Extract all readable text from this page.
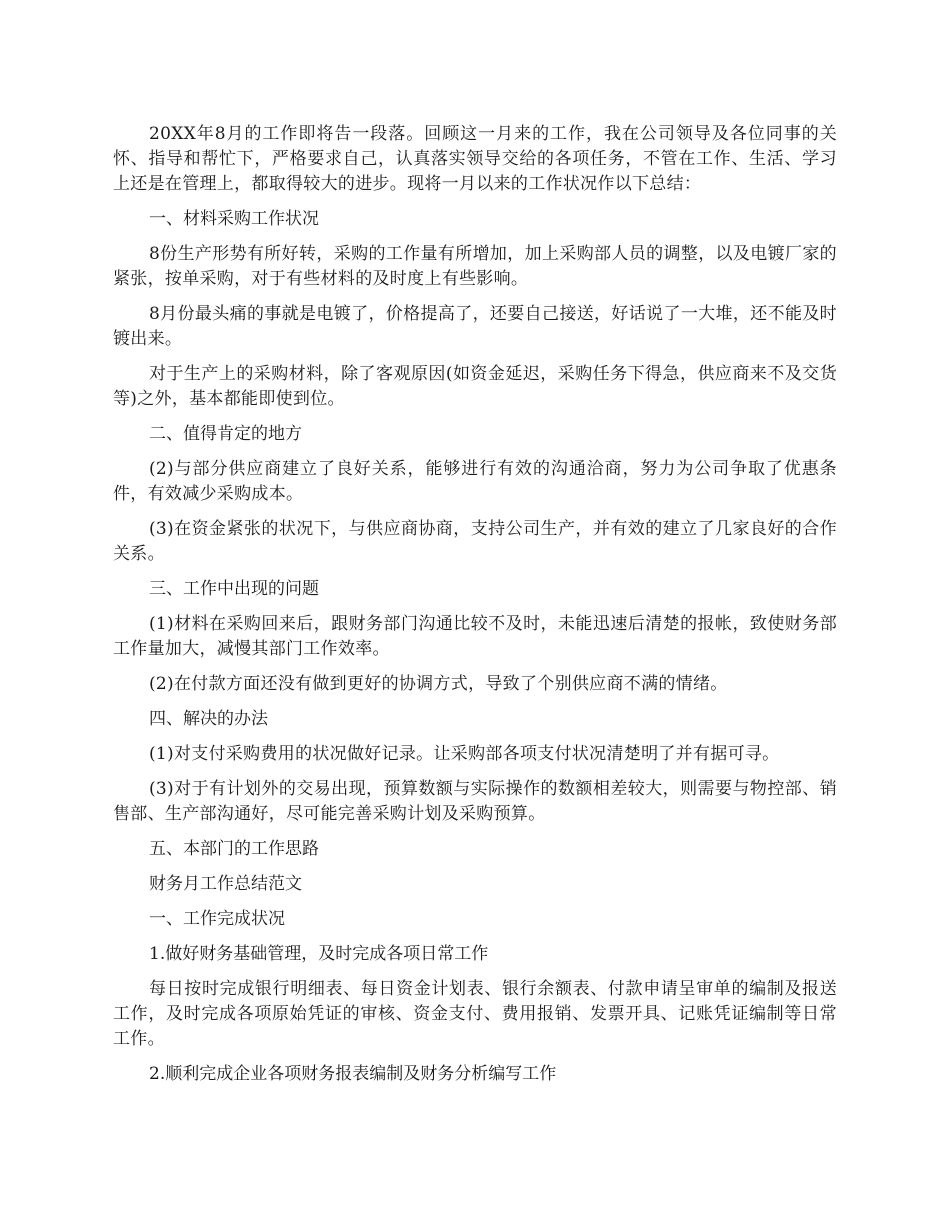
20XX年8月的工作即将告一段落。回顾这一月来的工作，我在公司领导及各位同事的关怀、指导和帮忙下，严格要求自己，认真落实领导交给的各项任务，不管在工作、生活、学习上还是在管理上，都取得较大的进步。现将一月以来的工作状况作以下总结：

一、材料采购工作状况

8份生产形势有所好转，采购的工作量有所增加，加上采购部人员的调整，以及电镀厂家的紧张，按单采购，对于有些材料的及时度上有些影响。

8月份最头痛的事就是电镀了，价格提高了，还要自己接送，好话说了一大堆，还不能及时镀出来。

对于生产上的采购材料，除了客观原因(如资金延迟，采购任务下得急，供应商来不及交货等)之外，基本都能即使到位。

二、值得肯定的地方

(2)与部分供应商建立了良好关系，能够进行有效的沟通洽商，努力为公司争取了优惠条件，有效减少采购成本。

(3)在资金紧张的状况下，与供应商协商，支持公司生产，并有效的建立了几家良好的合作关系。

三、工作中出现的问题

(1)材料在采购回来后，跟财务部门沟通比较不及时，未能迅速后清楚的报帐，致使财务部工作量加大，减慢其部门工作效率。

(2)在付款方面还没有做到更好的协调方式，导致了个别供应商不满的情绪。

四、解决的办法

(1)对支付采购费用的状况做好记录。让采购部各项支付状况清楚明了并有据可寻。

(3)对于有计划外的交易出现，预算数额与实际操作的数额相差较大，则需要与物控部、销售部、生产部沟通好，尽可能完善采购计划及采购预算。

五、本部门的工作思路

财务月工作总结范文

一、工作完成状况

1.做好财务基础管理，及时完成各项日常工作

每日按时完成银行明细表、每日资金计划表、银行余额表、付款申请呈审单的编制及报送工作，及时完成各项原始凭证的审核、资金支付、费用报销、发票开具、记账凭证编制等日常工作。

2.顺利完成企业各项财务报表编制及财务分析编写工作
